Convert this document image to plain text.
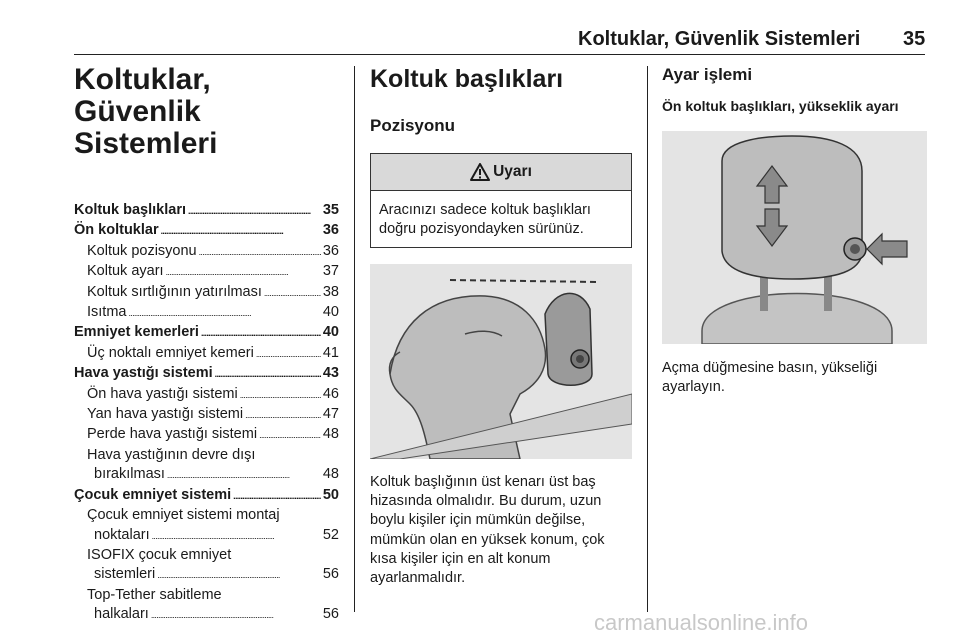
Koltuklar, Güvenlik Sistemleri 35
Koltuklar, Güvenlik
Sistemleri
Koltuk başlıkları . . .	35
Ön koltuklar . . .	36
Koltuk pozisyonu . . .	36
Koltuk ayarı . . .	37
Koltuk sırtlığının yatırılması . . .	38
Isıtma . . .	40
Emniyet kemerleri . . .	40
Üç noktalı emniyet kemeri . . .	41
Hava yastığı sistemi . . .	43
Ön hava yastığı sistemi . . .	46
Yan hava yastığı sistemi . . .	47
Perde hava yastığı sistemi . . .	48
Hava yastığının devre dışı
bırakılması . . .	48
Çocuk emniyet sistemi . . .	50
Çocuk emniyet sistemi montaj
noktaları . . .	52
ISOFIX çocuk emniyet
sistemleri . . .	56
Top-Tether sabitleme
halkaları . . .	56
Koltuk başlıkları
Pozisyonu
Uyarı
Aracınızı sadece koltuk başlıkları doğru pozisyondayken sürünüz.
Koltuk başlığının üst kenarı üst baş hizasında olmalıdır. Bu durum, uzun boylu kişiler için mümkün değilse, mümkün olan en yüksek konum, çok kısa kişiler için en alt konum ayarlanmalıdır.
Ayar işlemi
Ön koltuk başlıkları, yükseklik ayarı
Açma düğmesine basın, yükseliği ayarlayın.
carmanualsonline.info
